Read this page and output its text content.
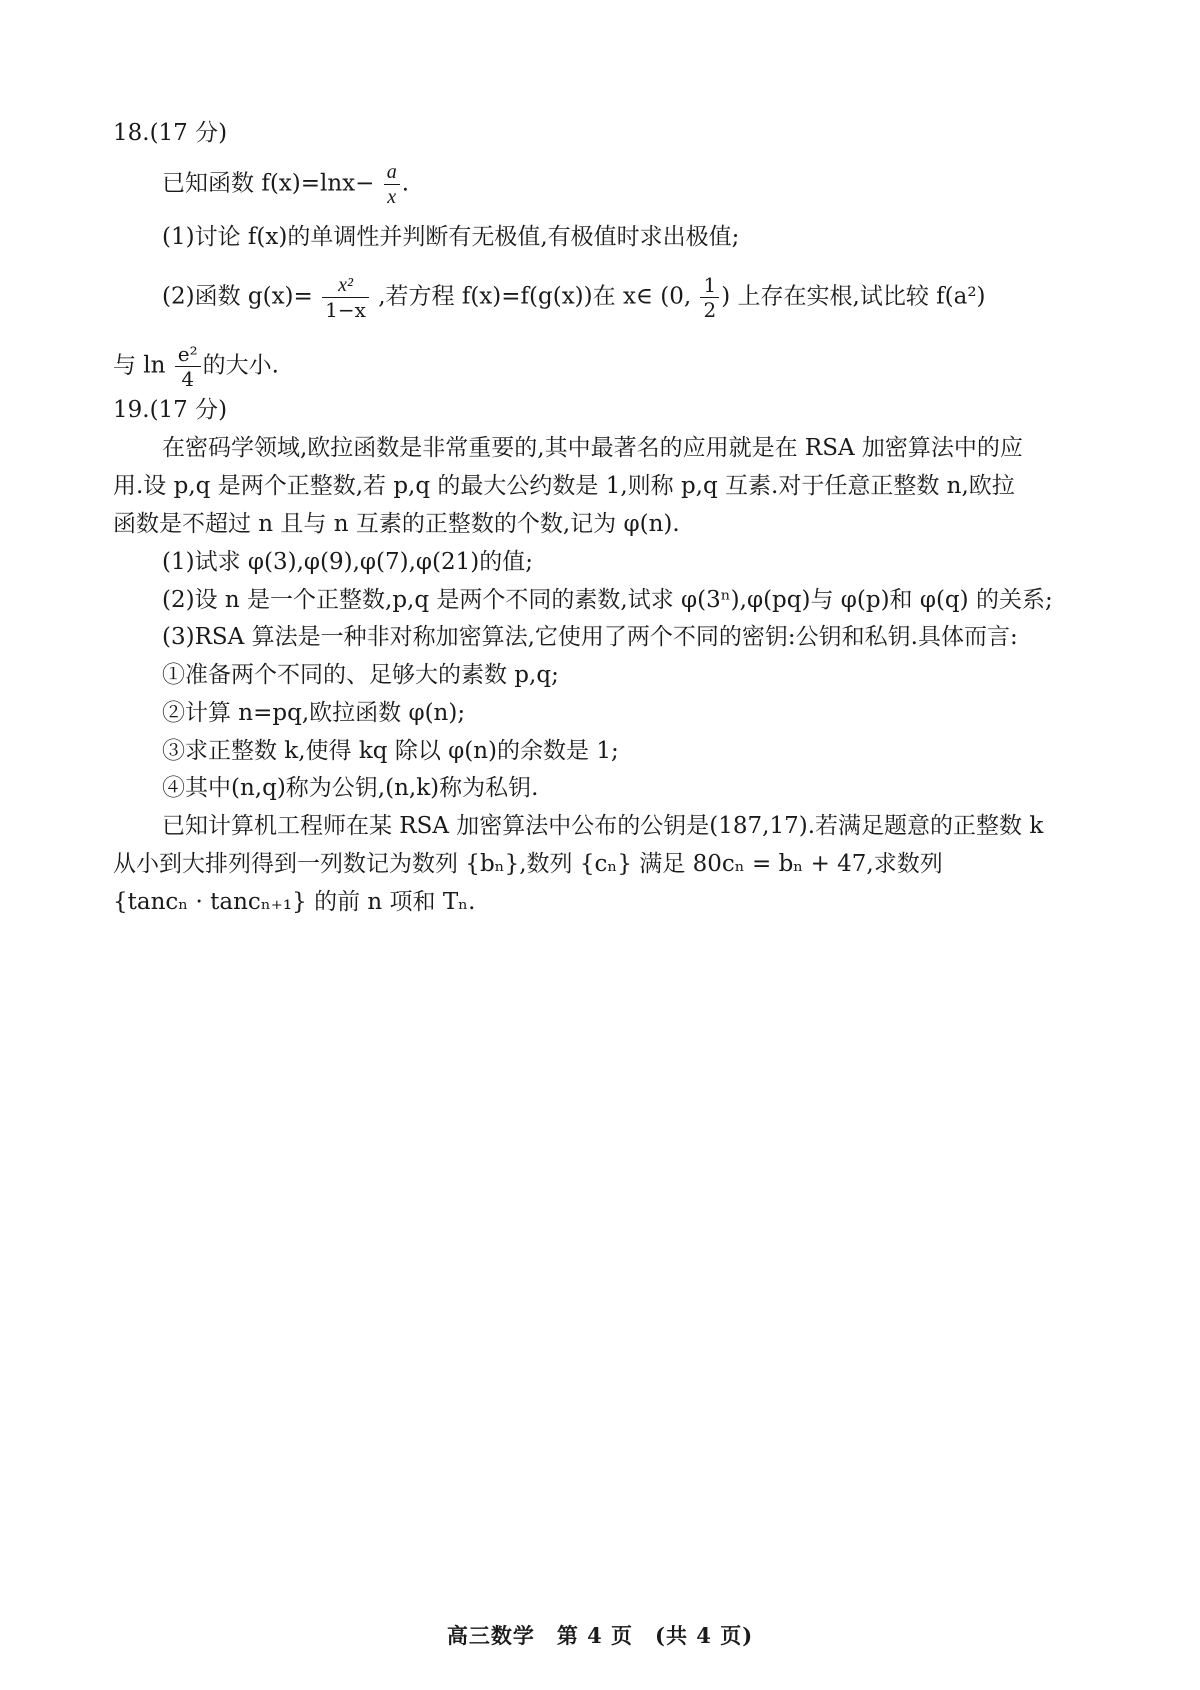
18.(17 分)
已知函数 $f(x)=\ln x- \frac{a}{x}$ .
(1)讨论 f(x)的单调性并判断有无极值,有极值时求出极值;
(2)函数 $g(x)= \frac{\text{x²}}{1-x}$ ,若方程 f(x)=f(g(x))在 x∈ (0, $\frac{1}{2}$ ) 上存在实根,试比较 f(a²)
与 $\ln \frac{\text{e²}}{4}$ 的大小.
19.(17 分)
在密码学领域,欧拉函数是非常重要的,其中最著名的应用就是在 RSA 加密算法中的应
用.设 p,q 是两个正整数,若 p,q 的最大公约数是 1,则称 p,q 互素.对于任意正整数 n,欧拉
函数是不超过 n 且与 n 互素的正整数的个数,记为 φ(n).
(1)试求 φ(3),φ(9),φ(7),φ(21)的值;
(2)设 n 是一个正整数,p,q 是两个不同的素数,试求 φ(3ⁿ),φ(pq)与 φ(p)和 φ(q) 的关系;
(3)RSA 算法是一种非对称加密算法,它使用了两个不同的密钥:公钥和私钥.具体而言:
①准备两个不同的、足够大的素数 p,q;
②计算 n=pq,欧拉函数 φ(n);
③求正整数 k,使得 kq 除以 φ(n)的余数是 1;
④其中(n,q)称为公钥,(n,k)称为私钥.
已知计算机工程师在某 RSA 加密算法中公布的公钥是(187,17).若满足题意的正整数 k
从小到大排列得到一列数记为数列 {bₙ},数列 {cₙ} 满足 80cₙ = bₙ + 47,求数列
{tancₙ · tancₙ₊₁} 的前 n 项和 Tₙ.
高三数学　第 4 页　(共 4 页)
